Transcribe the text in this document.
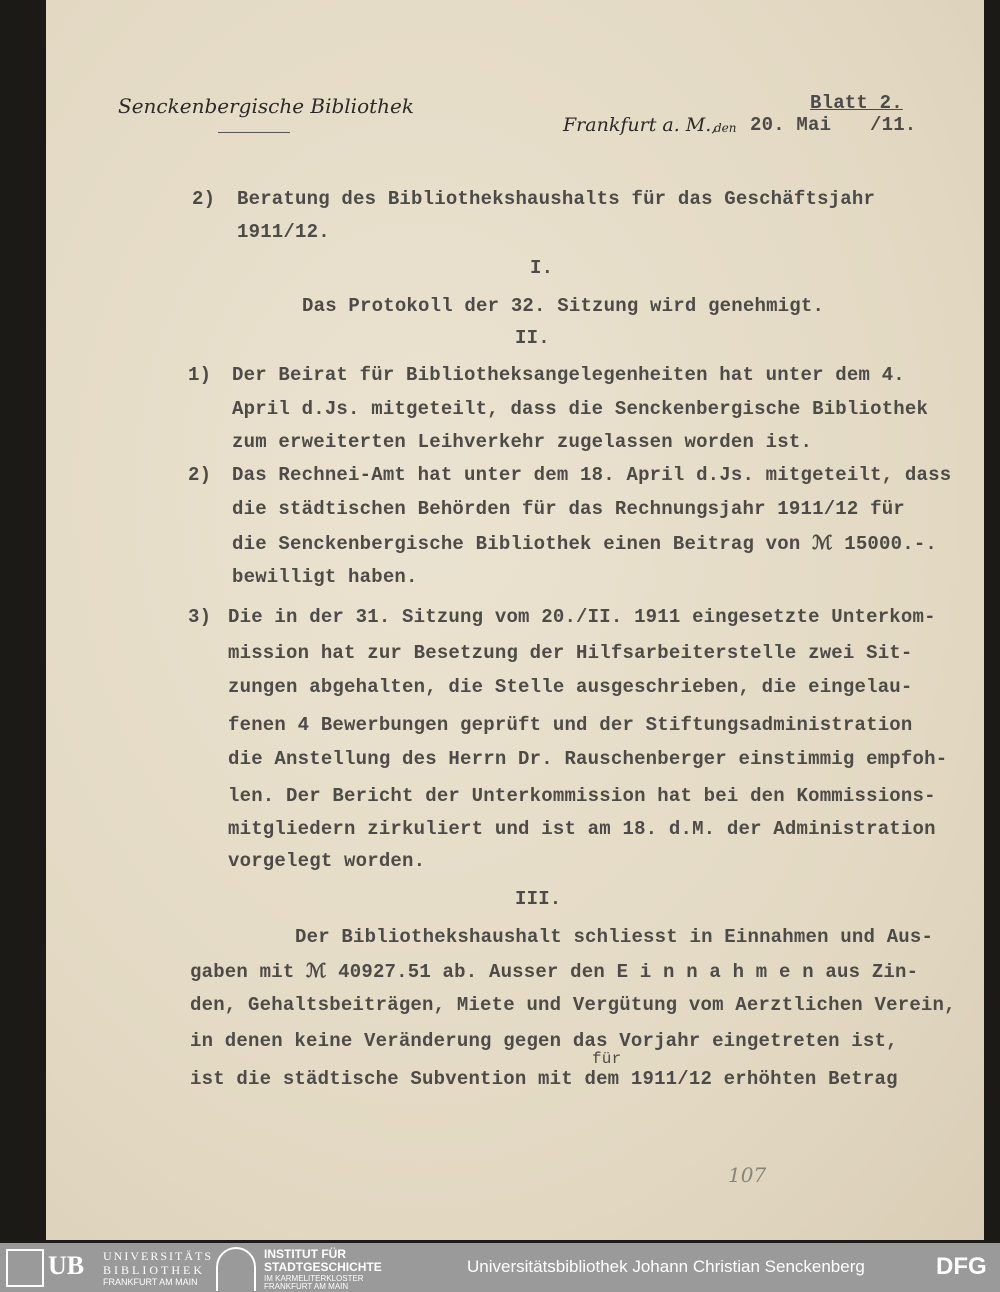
Senckenbergische Bibliothek
Frankfurt a. M.,
den 20. Mai /11.
Blatt 2.
2) Beratung des Bibliothekshaushalts für das Geschäftsjahr
1911/12.
I.
Das Protokoll der 32. Sitzung wird genehmigt.
II.
1) Der Beirat für Bibliotheksangelegenheiten hat unter dem 4.
April d.Js. mitgeteilt, dass die Senckenbergische Bibliothek
zum erweiterten Leihverkehr zugelassen worden ist.
2) Das Rechnei-Amt hat unter dem 18. April d.Js. mitgeteilt, dass
die städtischen Behörden für das Rechnungsjahr 1911/12 für
die Senckenbergische Bibliothek einen Beitrag von ℳ 15000.-.
bewilligt haben.
3) Die in der 31. Sitzung vom 20./II. 1911 eingesetzte Unterkom-
mission hat zur Besetzung der Hilfsarbeiterstelle zwei Sit-
zungen abgehalten, die Stelle ausgeschrieben, die eingelau-
fenen 4 Bewerbungen geprüft und der Stiftungsadministration
die Anstellung des Herrn Dr. Rauschenberger einstimmig empfoh-
len. Der Bericht der Unterkommission hat bei den Kommissions-
mitgliedern zirkuliert und ist am 18. d.M. der Administration
vorgelegt worden.
III.
Der Bibliothekshaushalt schliesst in Einnahmen und Aus-
gaben mit ℳ 40927.51 ab. Ausser den E i n n a h m e n aus Zin-
den, Gehaltsbeiträgen, Miete und Vergütung vom Aerztlichen Verein,
in denen keine Veränderung gegen das Vorjahr eingetreten ist,
für
ist die städtische Subvention mit dem 1911/12 erhöhten Betrag
107
UB UNIVERSITÄTS
BIBLIOTHEK
FRANKFURT AM MAIN
INSTITUT FÜR
STADTGESCHICHTE
IM KARMELITERKLOSTER
FRANKFURT AM MAIN
Universitätsbibliothek Johann Christian Senckenberg	DFG
